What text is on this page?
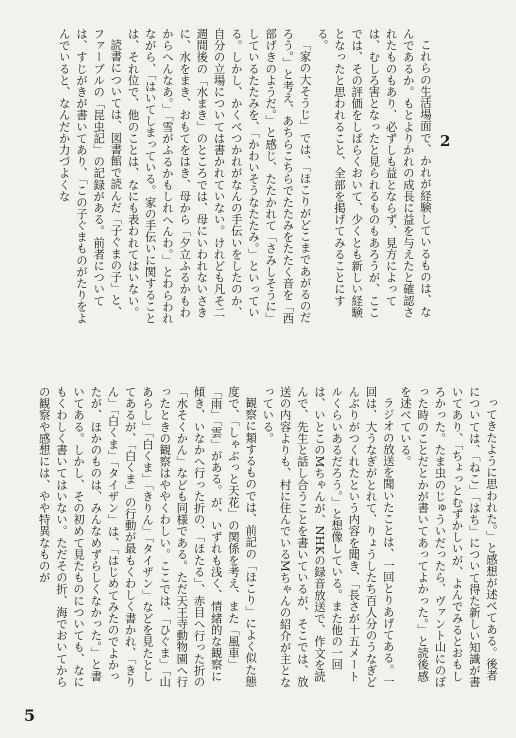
2

これらの生活場面で、かれが経験しているものは、なんであるか。もとよりかれの成長に益を与えたと確認されたものもあり、必ずしも益とならず、見方によっては、むしろ害となったと見られるものもあろうが、ここでは、その評価をしばらくおいて、少くとも新しい経験となったと思われること、全部を掲げてみることにする。

「家の大そうじ」では、「ほこりがどこまであがるのだろう。」と考え、あちらこちらでたたみをたたく音を「西部げきのようだ。」と感じ、たたかれて「さみしそうに」しているたたみを、「かわいそうなたたみ。」といっている。しかし、かくべつかれがなんの手伝いをしたのか、自分の立場については書かれていない。けれども凡そ二週間後の「水まき」のところでは、母にいわれないさきに、水をまき、おもてをはき、母から「夕立ふるかもわからへんなあ。」「雪がふるかもしれへんわ。」とわらわれながら、「はいてしまっている。家の手伝いに関することは、それ位で、他のことは、なにも表われてはいない。

読書については、図書館で読んだ「子ぐまの子」と、ファーブルの「昆虫記」の記録がある。前者については、すじがきが書いてあり、「この子ぐまものがたりをよんでいると、なんだか力づよくな

ってきたように思われた。」と感想が述べてある。後者については、「ねこ」「はち」について得た新しい知識が書いてあり、「ちょっとむずかしいが、よんでみるとおもしろかった。たま虫のじゅういだったら、ヴァント山にのぼった時のことだとかが書いてあってよかった。」と読後感を述べている。

ラジオの放送を聞いたことは、一回とりあげてある。一回は、大うなぎがとれて、りょうしたち百人分のうなぎどんぶりがつくれたという内容を聞き、「長さが十五メートルくらいあるだろう。」と想像している。また他の一回は、いとこのMちゃんが、NHKの録音放送で、作文を読んで、先生と話し合うことを書いているが、そこでは、放送の内容よりも、村に住んでいるMちゃんの紹介が主となっている。

観察に類するものでは、前記の「ほこり」によく似た態度で、「しゃぶっと天花」の関係を考え、また「風車」「雨」「雲」がある。が、いずれも浅く、情緒的な観察に傾き、いなかへ行った折の、「ほたる」、赤目へ行った折の「水そくかん」なども同様である。ただ天王寺動物園へ行ったときの観察はややくわしい。ここでは、「ひぐま」「山あらし」「白くま」「きりん」「タイザン」などを見たとしてあるが、「白くま」の行動が最もくわしく書かれ、「きりん」「白くま」「タイザン」は、「はじめてみたのでよかったが、ほかのものは、みんなめずらしくなかった。」と書いてある。しかし、その初めて見たものについても、なにもくわしく書いてはいない。ただその折、海でおいてからの観察や感想には、やや特異なものが

5
